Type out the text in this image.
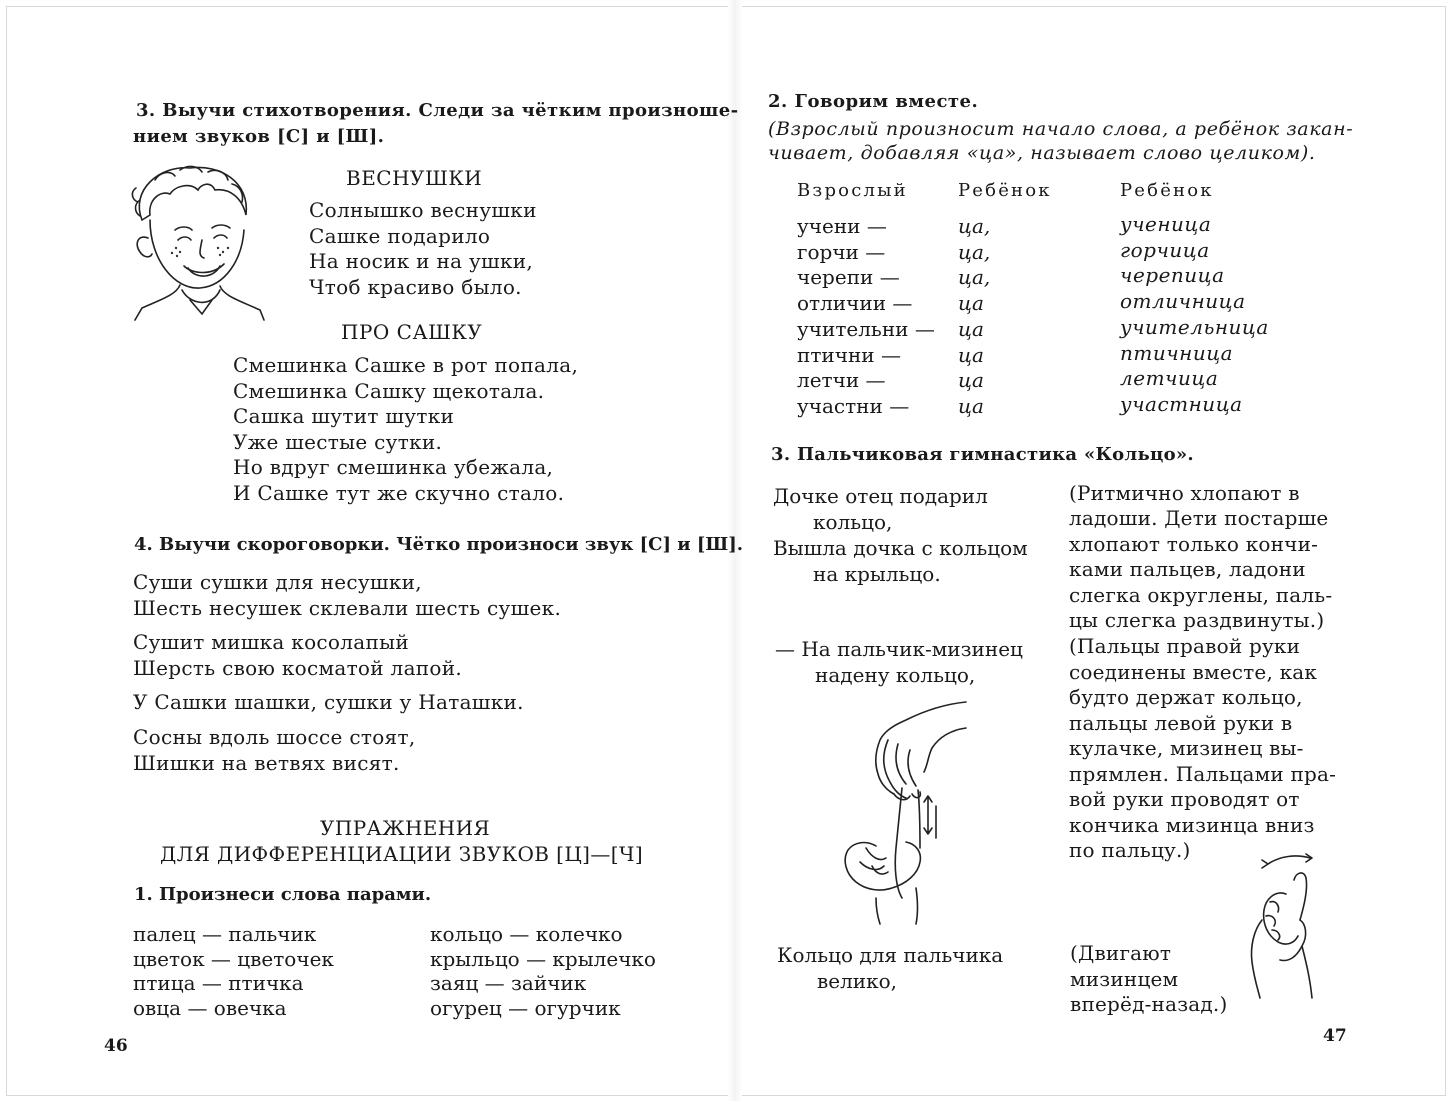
3. Выучи стихотворения. Следи за чётким произноше-
нием звуков [С] и [Ш].
ВЕСНУШКИ
Солнышко веснушки
Сашке подарило
На носик и на ушки,
Чтоб красиво было.
ПРО САШКУ
Смешинка Сашке в рот попала,
Смешинка Сашку щекотала.
Сашка шутит шутки
Уже шестые сутки.
Но вдруг смешинка убежала,
И Сашке тут же скучно стало.
4. Выучи скороговорки. Чётко произноси звук [С] и [Ш].
Суши сушки для несушки,
Шесть несушек склевали шесть сушек.
Сушит мишка косолапый
Шерсть свою косматой лапой.
У Сашки шашки, сушки у Наташки.
Сосны вдоль шоссе стоят,
Шишки на ветвях висят.
УПРАЖНЕНИЯ
ДЛЯ ДИФФЕРЕНЦИАЦИИ ЗВУКОВ [Ц]—[Ч]
1. Произнеси слова парами.
палец — пальчик
цветок — цветочек
птица — птичка
овца — овечка
кольцо — колечко
крыльцо — крылечко
заяц — зайчик
огурец — огурчик
46
2. Говорим вместе.
(Взрослый произносит начало слова, а ребёнок закан-
чивает, добавляя «ца», называет слово целиком).
Взрослый	Ребёнок	Ребёнок
учени —
горчи —
черепи —
отличии —
учительни —
птични —
летчи —
участни —
ца,
ца,
ца,
ца
ца
ца
ца
ца
ученица
горчица
черепица
отличница
учительница
птичница
летчица
участница
3. Пальчиковая гимнастика «Кольцо».
Дочке отец подарил
кольцо,
Вышла дочка с кольцом
на крыльцо.
(Ритмично хлопают в
ладоши. Дети постарше
хлопают только кончи-
ками пальцев, ладони
слегка округлены, паль-
цы слегка раздвинуты.)
— На пальчик-мизинец
надену кольцо,
(Пальцы правой руки
соединены вместе, как
будто держат кольцо,
пальцы левой руки в
кулачке, мизинец вы-
прямлен. Пальцами пра-
вой руки проводят от
кончика мизинца вниз
по пальцу.)
Кольцо для пальчика
велико,
(Двигают
мизинцем
вперёд-назад.)
47
